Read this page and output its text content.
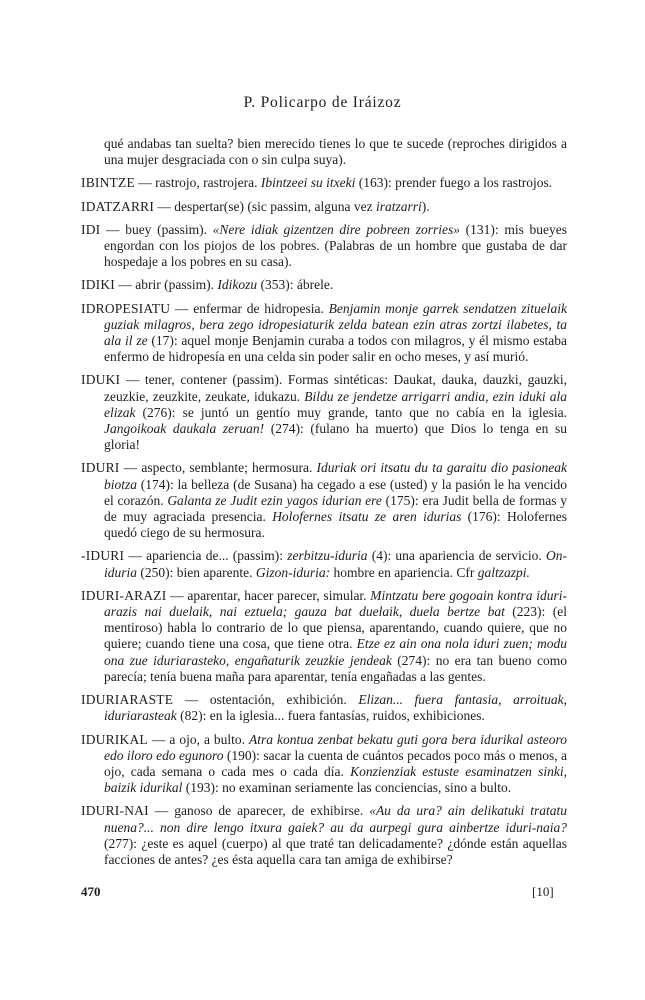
P. Policarpo de Iráizoz

qué andabas tan suelta? bien merecido tienes lo que te sucede (reproches dirigidos a una mujer desgraciada con o sin culpa suya).

IBINTZE — rastrojo, rastrojera. Ibintzeei su itxeki (163): prender fuego a los rastrojos.

IDATZARRI — despertar(se) (sic passim, alguna vez iratzarri).

IDI — buey (passim). «Nere idiak gizentzen dire pobreen zorries» (131): mis bueyes engordan con los piojos de los pobres. (Palabras de un hombre que gustaba de dar hospedaje a los pobres en su casa).

IDIKI — abrir (passim). Idikozu (353): ábrele.

IDROPESIATU — enfermar de hidropesia. Benjamin monje garrek sendatzen zituelaik guziak milagros, bera zego idropesiaturik zelda batean ezin atras zortzi ilabetes, ta ala il ze (17): aquel monje Benjamin curaba a todos con milagros, y él mismo estaba enfermo de hidropesía en una celda sin poder salir en ocho meses, y así murió.

IDUKI — tener, contener (passim). Formas sintéticas: Daukat, dauka, dauzki, gauzki, zeuzkie, zeuzkite, zeukate, idukazu. Bildu ze jendetze arrigarri andia, ezin iduki ala elizak (276): se juntó un gentío muy grande, tanto que no cabía en la iglesia. Jangoikoak daukala zeruan! (274): (fulano ha muerto) que Dios lo tenga en su gloria!

IDURI — aspecto, semblante; hermosura. Iduriak ori itsatu du ta garaitu dio pasioneak biotza (174): la belleza (de Susana) ha cegado a ese (usted) y la pasión le ha vencido el corazón. Galanta ze Judit ezin yagos idurian ere (175): era Judit bella de formas y de muy agraciada presencia. Holofernes itsatu ze aren idurias (176): Holofernes quedó ciego de su hermosura.

-IDURI — apariencia de... (passim): zerbitzu-iduria (4): una apariencia de servicio. On-iduria (250): bien aparente. Gizon-iduria: hombre en apariencia. Cfr galtzazpi.

IDURI-ARAZI — aparentar, hacer parecer, simular. Mintzatu bere gogoain kontra iduri-arazis nai duelaik, nai eztuela; gauza bat duelaik, duela bertze bat (223): (el mentiroso) habla lo contrario de lo que piensa, aparentando, cuando quiere, que no quiere; cuando tiene una cosa, que tiene otra. Etze ez ain ona nola iduri zuen; modu ona zue iduriarasteko, engañaturik zeuzkie jendeak (274): no era tan bueno como parecía; tenía buena maña para aparentar, tenía engañadas a las gentes.

IDURIARASTE — ostentación, exhibición. Elizan... fuera fantasia, arroituak, iduriarasteak (82): en la iglesia... fuera fantasías, ruidos, exhibiciones.

IDURIKAL — a ojo, a bulto. Atra kontua zenbat bekatu guti gora bera idurikal asteoro edo iloro edo egunoro (190): sacar la cuenta de cuántos pecados poco más o menos, a ojo, cada semana o cada mes o cada día. Konzienziak estuste esaminatzen sinki, baizik idurikal (193): no examinan seriamente las conciencias, sino a bulto.

IDURI-NAI — ganoso de aparecer, de exhibirse. «Au da ura? ain delikatuki tratatu nuena?... non dire lengo itxura gaiek? au da aurpegi gura ainbertze iduri-naia? (277): ¿este es aquel (cuerpo) al que traté tan delicadamente? ¿dónde están aquellas facciones de antes? ¿es ésta aquella cara tan amiga de exhibirse?

470	[10]
